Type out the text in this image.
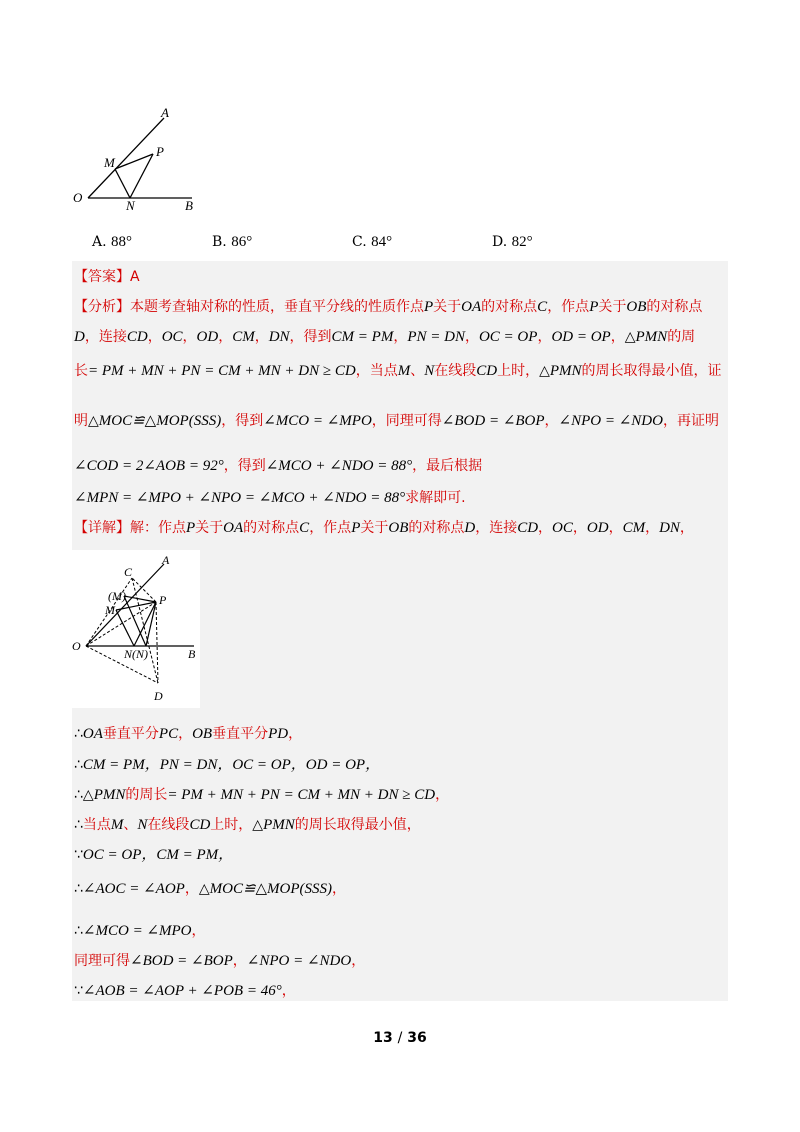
A
M
P
O
N	B
A. 88°	B. 86°	C. 84°	D. 82°
【答案】A
【分析】本题考查轴对称的性质，垂直平分线的性质作点P关于OA的对称点C，作点P关于OB的对称点
D，连接CD，OC，OD，CM，DN，得到CM = PM，PN = DN，OC = OP，OD = OP，△PMN的周
长= PM + MN + PN = CM + MN + DN ≥ CD，当点M、N在线段CD上时，△PMN的周长取得最小值，证
明△MOC≌△MOP(SSS)，得到∠MCO = ∠MPO，同理可得∠BOD = ∠BOP，∠NPO = ∠NDO，再证明
∠COD = 2∠AOB = 92°，得到∠MCO + ∠NDO = 88°，最后根据
∠MPN = ∠MPO + ∠NPO = ∠MCO + ∠NDO = 88°求解即可.
【详解】解：作点P关于OA的对称点C，作点P关于OB的对称点D，连接CD，OC，OD，CM，DN，
A
C
(M)
M
P
O
N(N)	B
D
∴OA垂直平分PC，OB垂直平分PD，
∴CM = PM，PN = DN，OC = OP，OD = OP，
∴△PMN的周长= PM + MN + PN = CM + MN + DN ≥ CD，
∴当点M、N在线段CD上时，△PMN的周长取得最小值，
∵OC = OP，CM = PM，
∴∠AOC = ∠AOP，△MOC≌△MOP(SSS)，
∴∠MCO = ∠MPO，
同理可得∠BOD = ∠BOP，∠NPO = ∠NDO，
∵∠AOB = ∠AOP + ∠POB = 46°，
13 / 36
